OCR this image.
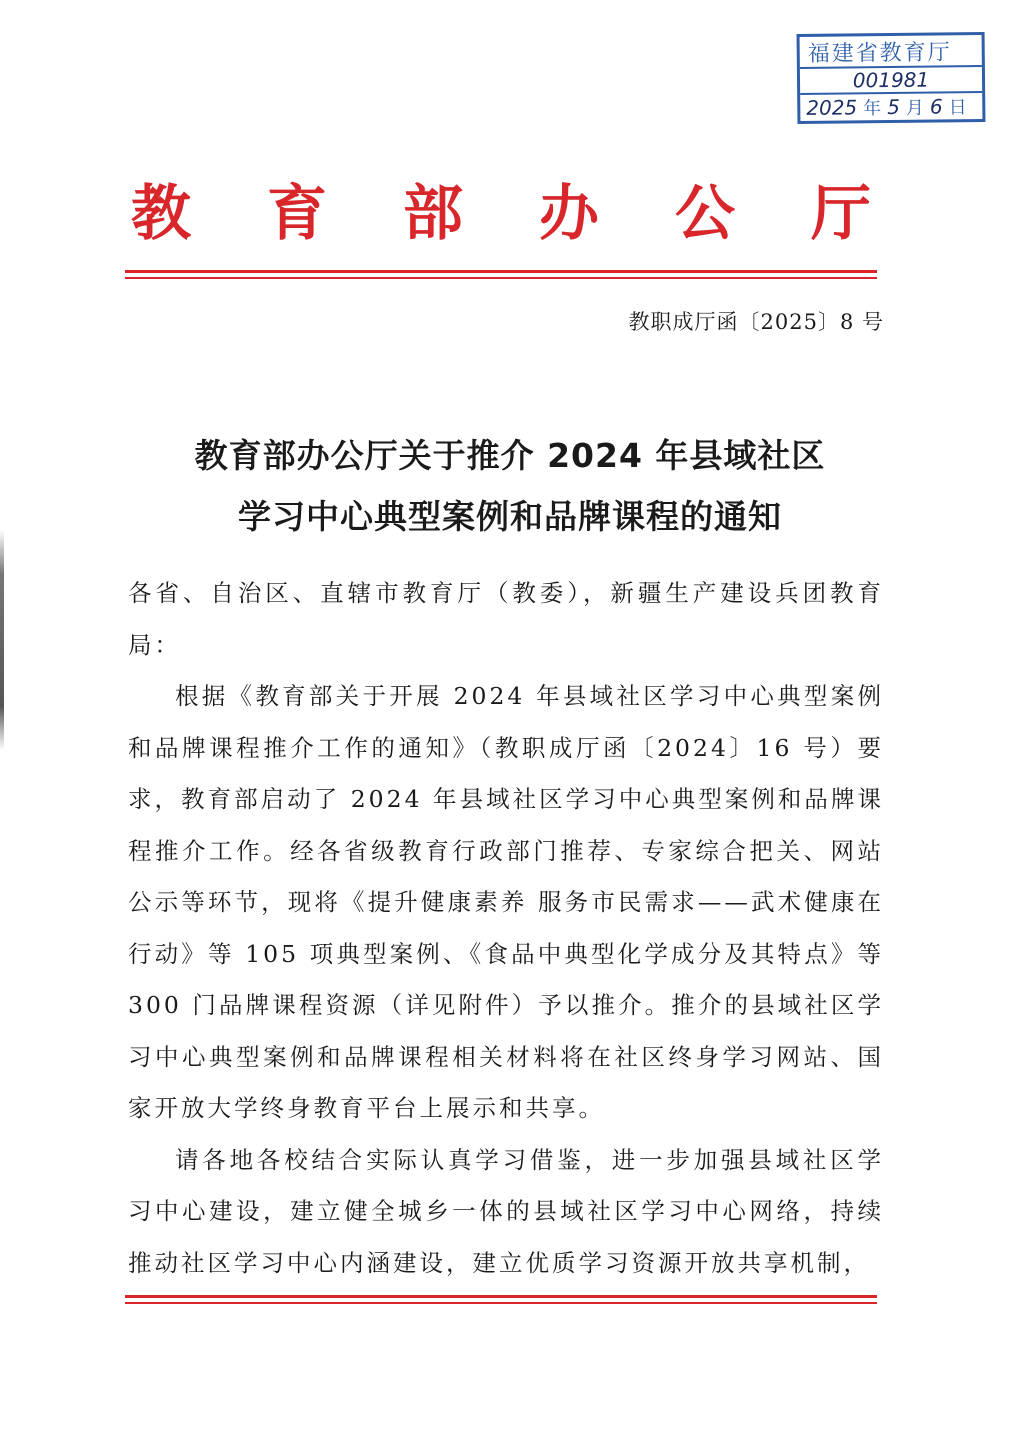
福建省教育厅
001981
2025 年 5 月 6 日
教 育 部 办 公 厅
教职成厅函〔2025〕8 号
教育部办公厅关于推介 2024 年县域社区
学习中心典型案例和品牌课程的通知

各省、自治区、直辖市教育厅（教委），新疆生产建设兵团教育局：

根据《教育部关于开展 2024 年县域社区学习中心典型案例和品牌课程推介工作的通知》（教职成厅函〔2024〕16 号）要求，教育部启动了 2024 年县域社区学习中心典型案例和品牌课程推介工作。经各省级教育行政部门推荐、专家综合把关、网站公示等环节，现将《提升健康素养 服务市民需求——武术健康在行动》等 105 项典型案例、《食品中典型化学成分及其特点》等 300 门品牌课程资源（详见附件）予以推介。推介的县域社区学习中心典型案例和品牌课程相关材料将在社区终身学习网站、国家开放大学终身教育平台上展示和共享。

请各地各校结合实际认真学习借鉴，进一步加强县域社区学习中心建设，建立健全城乡一体的县域社区学习中心网络，持续推动社区学习中心内涵建设，建立优质学习资源开放共享机制，
